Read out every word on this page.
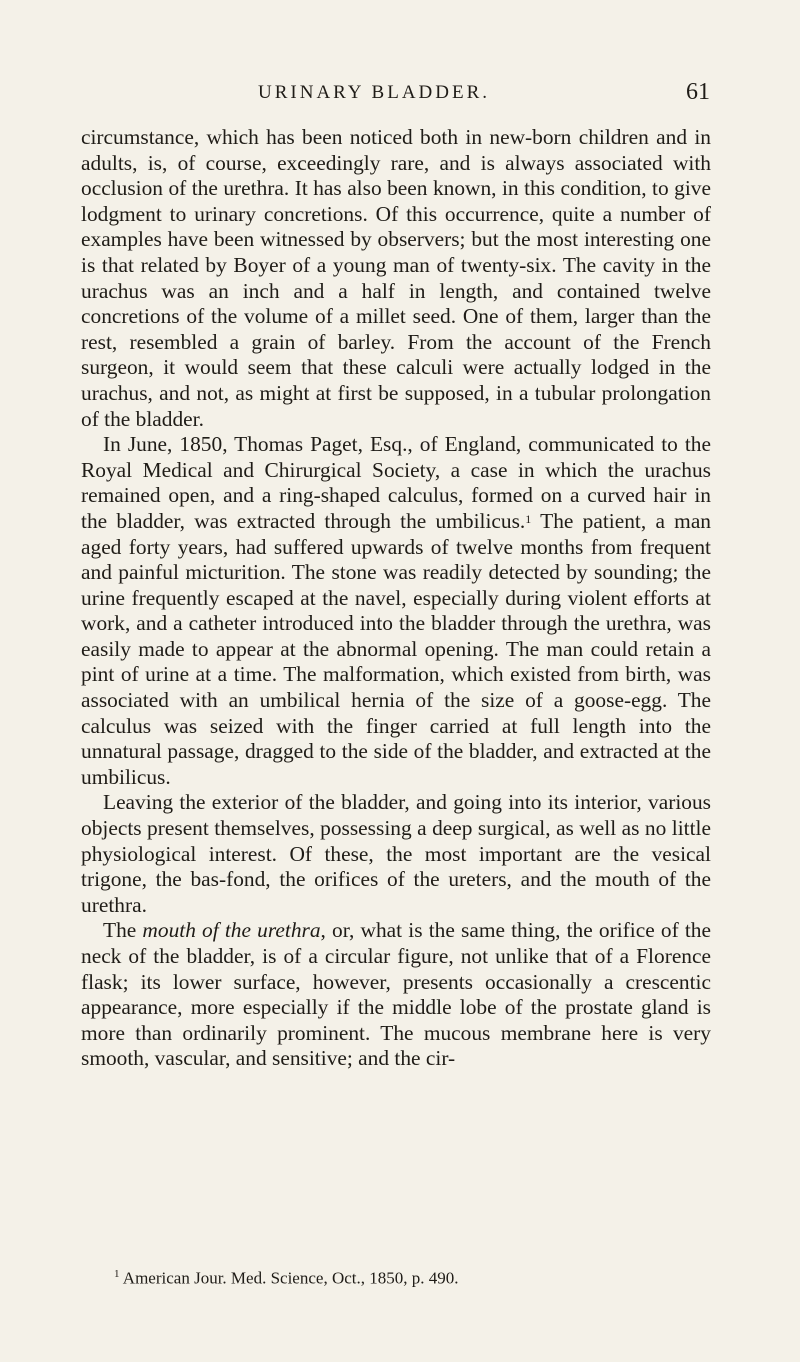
URINARY BLADDER.	61

circumstance, which has been noticed both in new-born children and in adults, is, of course, exceedingly rare, and is always associated with occlusion of the urethra. It has also been known, in this condition, to give lodgment to urinary concretions. Of this occurrence, quite a number of examples have been witnessed by observers; but the most interesting one is that related by Boyer of a young man of twenty-six. The cavity in the urachus was an inch and a half in length, and contained twelve concretions of the volume of a millet seed. One of them, larger than the rest, resembled a grain of barley. From the account of the French surgeon, it would seem that these calculi were actually lodged in the urachus, and not, as might at first be supposed, in a tubular prolongation of the bladder.

In June, 1850, Thomas Paget, Esq., of England, communicated to the Royal Medical and Chirurgical Society, a case in which the urachus remained open, and a ring-shaped calculus, formed on a curved hair in the bladder, was extracted through the umbilicus.$^1$ The patient, a man aged forty years, had suffered upwards of twelve months from frequent and painful micturition. The stone was readily detected by sounding; the urine frequently escaped at the navel, especially during violent efforts at work, and a catheter introduced into the bladder through the urethra, was easily made to appear at the abnormal opening. The man could retain a pint of urine at a time. The malformation, which existed from birth, was associated with an umbilical hernia of the size of a goose-egg. The calculus was seized with the finger carried at full length into the unnatural passage, dragged to the side of the bladder, and extracted at the umbilicus.

Leaving the exterior of the bladder, and going into its interior, various objects present themselves, possessing a deep surgical, as well as no little physiological interest. Of these, the most important are the vesical trigone, the bas-fond, the orifices of the ureters, and the mouth of the urethra.

The mouth of the urethra, or, what is the same thing, the orifice of the neck of the bladder, is of a circular figure, not unlike that of a Florence flask; its lower surface, however, presents occasionally a crescentic appearance, more especially if the middle lobe of the prostate gland is more than ordinarily prominent. The mucous membrane here is very smooth, vascular, and sensitive; and the cir-

$^1$ American Jour. Med. Science, Oct., 1850, p. 490.
